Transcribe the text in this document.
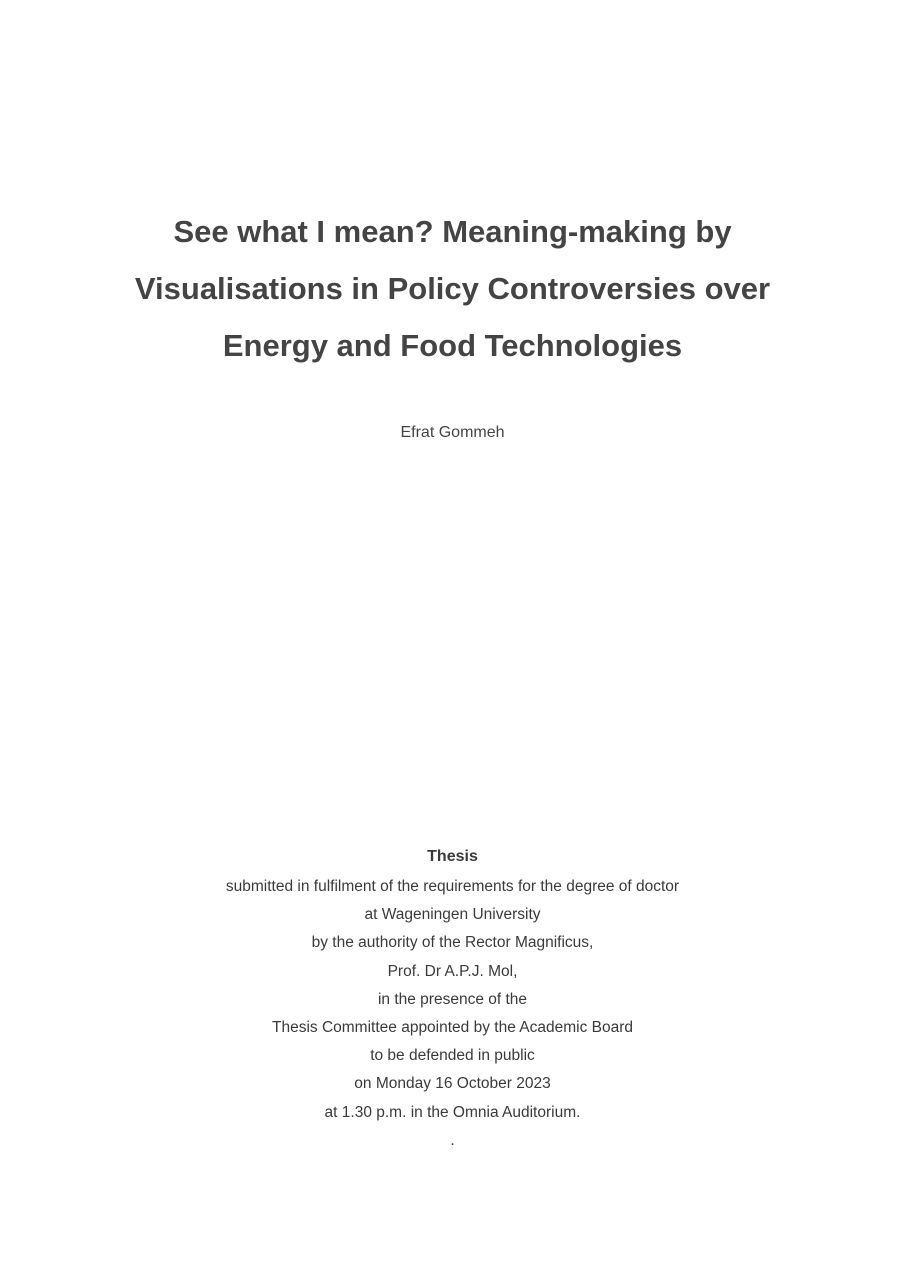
See what I mean? Meaning-making by
Visualisations in Policy Controversies over
Energy and Food Technologies
Efrat Gommeh
Thesis
submitted in fulfilment of the requirements for the degree of doctor
at Wageningen University
by the authority of the Rector Magnificus,
Prof. Dr A.P.J. Mol,
in the presence of the
Thesis Committee appointed by the Academic Board
to be defended in public
on Monday 16 October 2023
at 1.30 p.m. in the Omnia Auditorium.
.
